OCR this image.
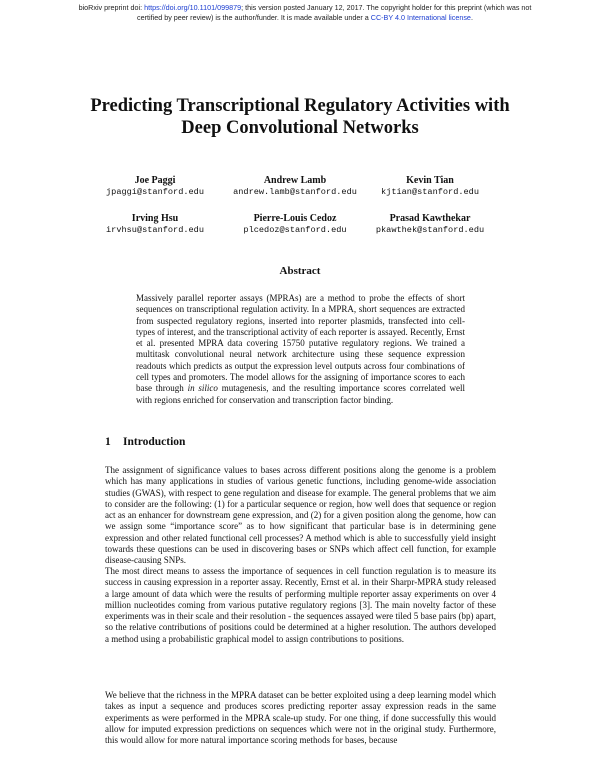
bioRxiv preprint doi: https://doi.org/10.1101/099879; this version posted January 12, 2017. The copyright holder for this preprint (which was not
certified by peer review) is the author/funder. It is made available under a CC-BY 4.0 International license.
Predicting Transcriptional Regulatory Activities with
Deep Convolutional Networks
Joe Paggi
jpaggi@stanford.edu
Andrew Lamb
andrew.lamb@stanford.edu
Kevin Tian
kjtian@stanford.edu
Irving Hsu
irvhsu@stanford.edu
Pierre-Louis Cedoz
plcedoz@stanford.edu
Prasad Kawthekar
pkawthek@stanford.edu
Abstract
Massively parallel reporter assays (MPRAs) are a method to probe the effects of short sequences on transcriptional regulation activity. In a MPRA, short sequences are extracted from suspected regulatory regions, inserted into reporter plasmids, transfected into cell-types of interest, and the transcriptional activity of each reporter is assayed. Recently, Ernst et al. presented MPRA data covering 15750 putative regulatory regions. We trained a multitask convolutional neural network architecture using these sequence expression readouts which predicts as output the expression level outputs across four combinations of cell types and promoters. The model allows for the assigning of importance scores to each base through in silico mutagenesis, and the resulting importance scores correlated well with regions enriched for conservation and transcription factor binding.
1 Introduction
The assignment of significance values to bases across different positions along the genome is a problem which has many applications in studies of various genetic functions, including genome-wide association studies (GWAS), with respect to gene regulation and disease for example. The general problems that we aim to consider are the following: (1) for a particular sequence or region, how well does that sequence or region act as an enhancer for downstream gene expression, and (2) for a given position along the genome, how can we assign some “importance score” as to how significant that particular base is in determining gene expression and other related functional cell processes? A method which is able to successfully yield insight towards these questions can be used in discovering bases or SNPs which affect cell function, for example disease-causing SNPs.
The most direct means to assess the importance of sequences in cell function regulation is to measure its success in causing expression in a reporter assay. Recently, Ernst et al. in their Sharpr-MPRA study released a large amount of data which were the results of performing multiple reporter assay experiments on over 4 million nucleotides coming from various putative regulatory regions [3]. The main novelty factor of these experiments was in their scale and their resolution - the sequences assayed were tiled 5 base pairs (bp) apart, so the relative contributions of positions could be determined at a higher resolution. The authors developed a method using a probabilistic graphical model to assign contributions to positions.
We believe that the richness in the MPRA dataset can be better exploited using a deep learning model which takes as input a sequence and produces scores predicting reporter assay expression reads in the same experiments as were performed in the MPRA scale-up study. For one thing, if done successfully this would allow for imputed expression predictions on sequences which were not in the original study. Furthermore, this would allow for more natural importance scoring methods for bases, because
